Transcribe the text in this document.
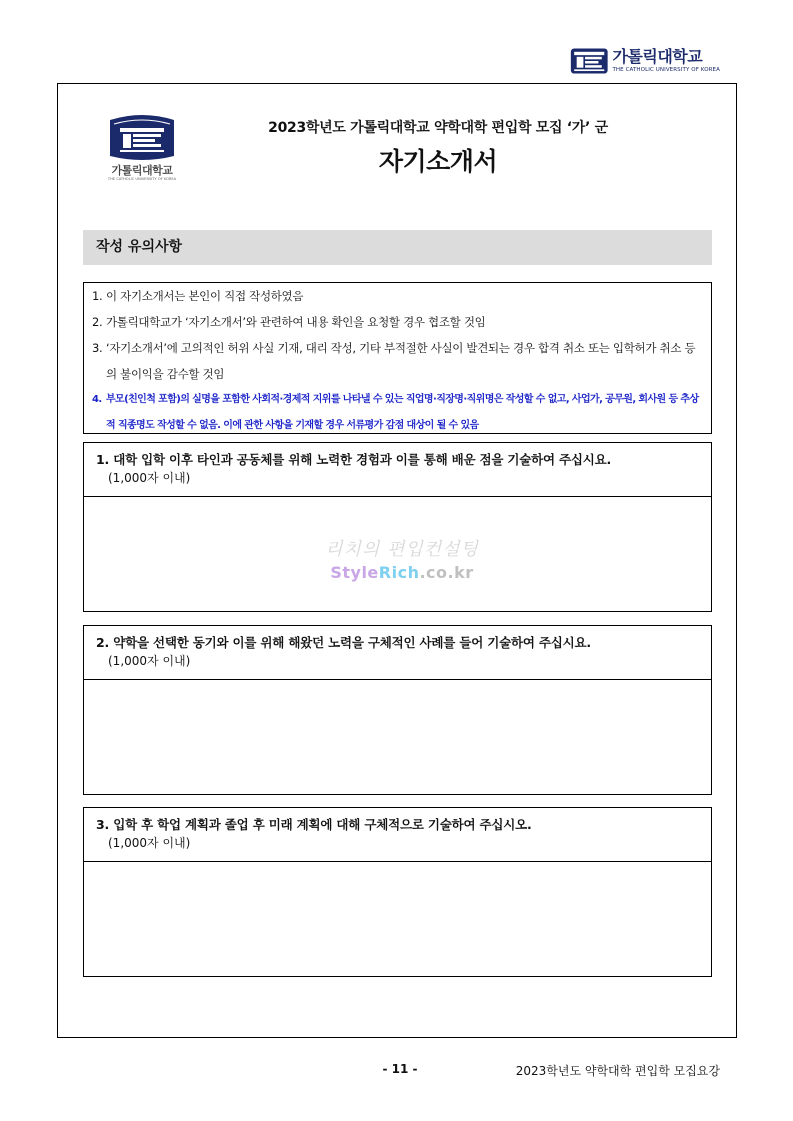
가톨릭대학교
THE CATHOLIC UNIVERSITY OF KOREA
가톨릭대학교
THE CATHOLIC UNIVERSITY OF KOREA
2023학년도 가톨릭대학교 약학대학 편입학 모집 ‘가’ 군
자기소개서
작성 유의사항
1. 이 자기소개서는 본인이 직접 작성하였음
2. 가톨릭대학교가 ‘자기소개서’와 관련하여 내용 확인을 요청할 경우 협조할 것임
3. ‘자기소개서’에 고의적인 허위 사실 기재, 대리 작성, 기타 부적절한 사실이 발견되는 경우 합격 취소 또는 입학허가 취소 등의 불이익을 감수할 것임
4. 부모(친인척 포함)의 실명을 포함한 사회적·경제적 지위를 나타낼 수 있는 직업명·직장명·직위명은 작성할 수 없고, 사업가, 공무원, 회사원 등 추상적 직종명도 작성할 수 없음. 이에 관한 사항을 기재할 경우 서류평가 감점 대상이 될 수 있음
1. 대학 입학 이후 타인과 공동체를 위해 노력한 경험과 이를 통해 배운 점을 기술하여 주십시요.
(1,000자 이내)
리치의 편입컨설팅
StyleRich.co.kr
2. 약학을 선택한 동기와 이를 위해 해왔던 노력을 구체적인 사례를 들어 기술하여 주십시요.
(1,000자 이내)
3. 입학 후 학업 계획과 졸업 후 미래 계획에 대해 구체적으로 기술하여 주십시오.
(1,000자 이내)
- 11 -	2023학년도 약학대학 편입학 모집요강
